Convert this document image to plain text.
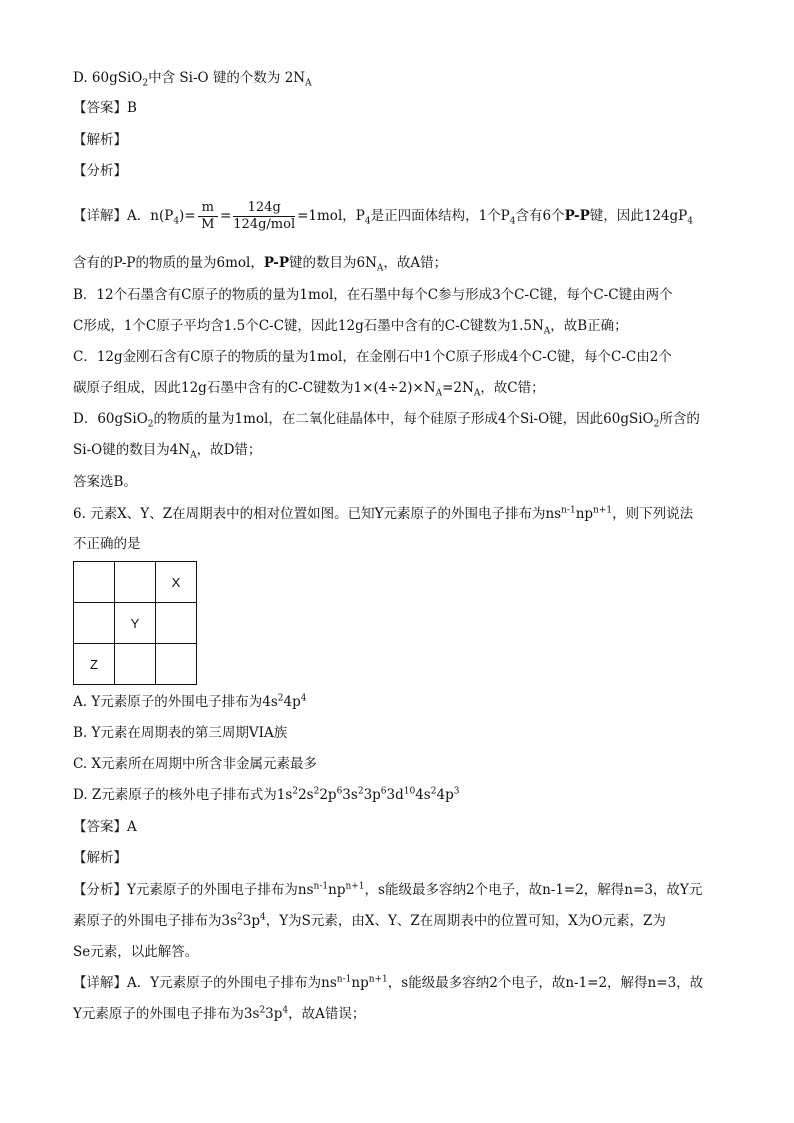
D. 60gSiO$_2$中含 Si-O 键的个数为 $2N_A$
【答案】B
【解析】
【分析】
【详解】A．$n(P_4)= \frac{m}{M} = \frac{124g}{\text{124g/mol}} =1mol$，$P_4$是正四面体结构，1个$P_4$含有6个P-P键，因此$124gP_4$
含有的P-P的物质的量为6mol，P-P键的数目为$6N_A$，故A错；
B．12个石墨含有C原子的物质的量为1mol，在石墨中每个C参与形成3个C-C键，每个C-C键由两个
C形成，1个C原子平均含1.5个C-C键，因此12g石墨中含有的C-C键数为$1.5N_A$，故B正确；
C．12g金刚石含有C原子的物质的量为1mol，在金刚石中1个C原子形成4个C-C键，每个C-C由2个
碳原子组成，因此12g石墨中含有的C-C键数为$1\times(4\div 2)\times N_A=2N_A$，故C错；
D．60gSiO$_2$的物质的量为1mol，在二氧化硅晶体中，每个硅原子形成4个Si-O键，因此60gSiO$_2$所含的
Si-O键的数目为$4N_A$，故D错；
答案选B。
6. 元素X、Y、Z在周期表中的相对位置如图。已知Y元素原子的外围电子排布为$ns^{n-1}np^{n+1}$，则下列说法
不正确的是
		X
	Y	
Z		
A. Y元素原子的外围电子排布为$4s^24p^4$
B. Y元素在周期表的第三周期VIA族
C. X元素所在周期中所含非金属元素最多
D. Z元素原子的核外电子排布式为$1s^22s^22p^63s^23p^63d^{10}4s^24p^3$
【答案】A
【解析】
【分析】Y元素原子的外围电子排布为$ns^{n-1}np^{n+1}$，s能级最多容纳2个电子，故n-1=2，解得n=3，故Y元
素原子的外围电子排布为$3s^23p^4$，Y为S元素，由X、Y、Z在周期表中的位置可知，X为O元素，Z为
Se元素，以此解答。
【详解】A．Y元素原子的外围电子排布为$ns^{n-1}np^{n+1}$，s能级最多容纳2个电子，故n-1=2，解得n=3，故
Y元素原子的外围电子排布为$3s^23p^4$，故A错误；
